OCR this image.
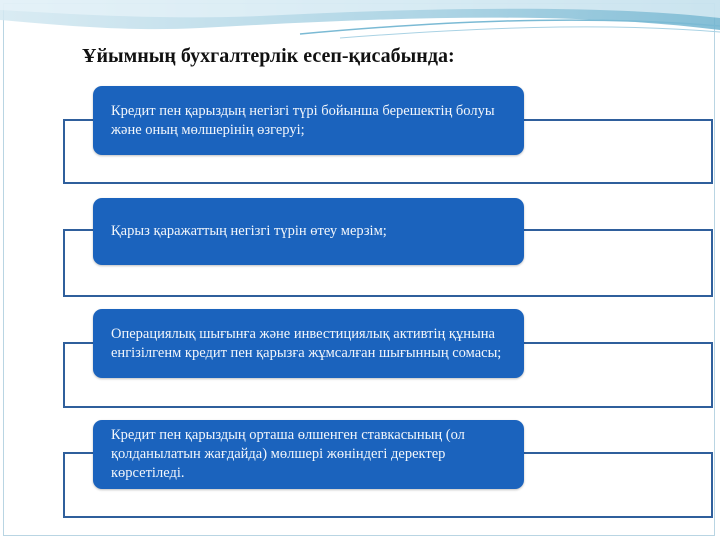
Ұйымның бухгалтерлік есеп-қисабында:
Кредит пен қарыздың негізгі түрі бойынша берешектің болуы және оның мөлшерінің өзгеруі;
Қарыз қаражаттың негізгі түрін өтеу мерзім;
Операциялық шығынға және инвестициялық активтің құнына енгізілгенм кредит пен қарызға жұмсалған шығынның сомасы;
Кредит пен қарыздың орташа өлшенген ставкасының (ол қолданылатын жағдайда) мөлшері жөніндегі деректер көрсетіледі.
